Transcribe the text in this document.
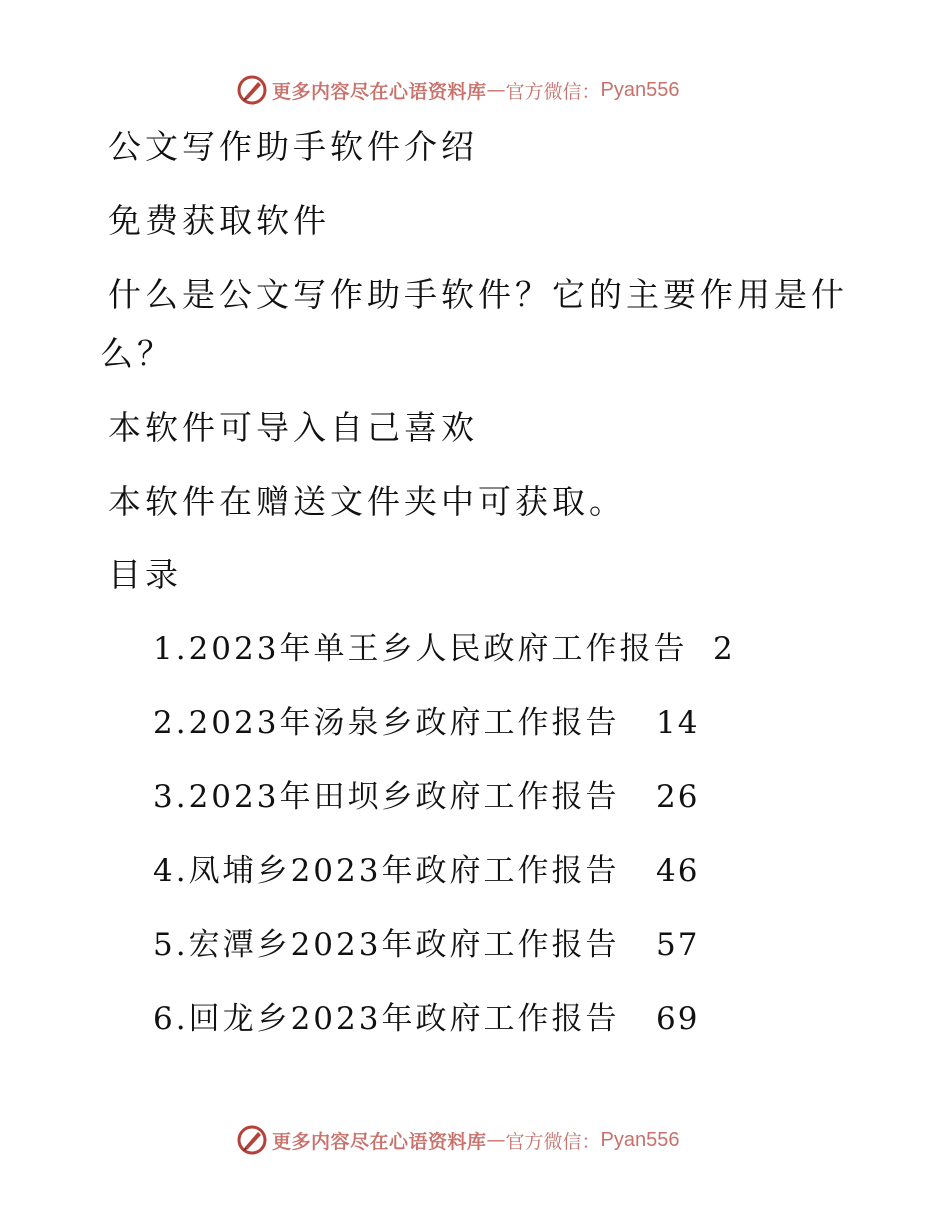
更多内容尽在心语资料库 — 官方微信： Pyan556
公文写作助手软件介绍
免费获取软件
什么是公文写作助手软件？它的主要作用是什
么？
本软件可导入自己喜欢
本软件在赠送文件夹中可获取。
目录
1.2023年单王乡人民政府工作报告 2
2.2023年汤泉乡政府工作报告 14
3.2023年田坝乡政府工作报告 26
4.凤埔乡2023年政府工作报告 46
5.宏潭乡2023年政府工作报告 57
6.回龙乡2023年政府工作报告 69
更多内容尽在心语资料库 — 官方微信： Pyan556
